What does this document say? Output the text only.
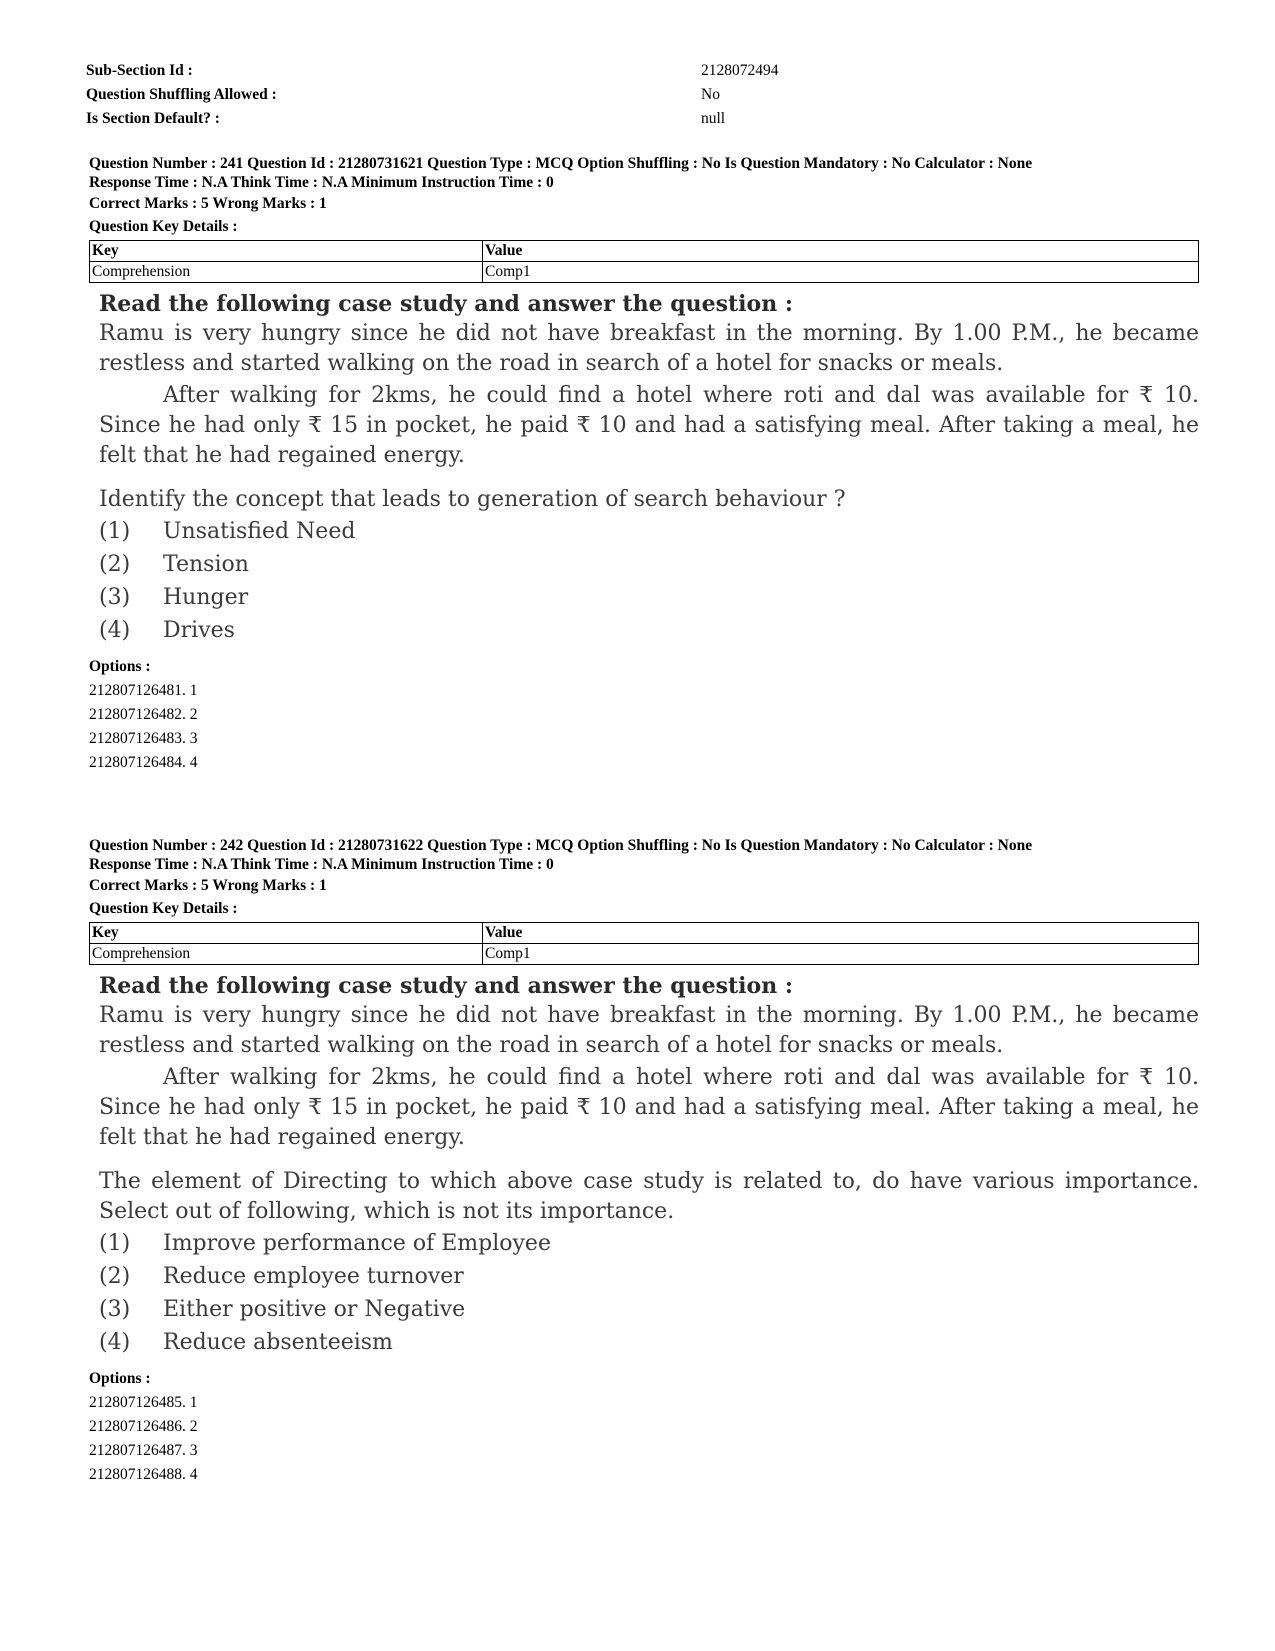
Sub-Section Id :	2128072494
Question Shuffling Allowed :	No
Is Section Default? :	null
Question Number : 241 Question Id : 21280731621 Question Type : MCQ Option Shuffling : No Is Question Mandatory : No Calculator : None
Response Time : N.A Think Time : N.A Minimum Instruction Time : 0
Correct Marks : 5 Wrong Marks : 1
Question Key Details :
Key	Value
Comprehension	Comp1
Read the following case study and answer the question :

Ramu is very hungry since he did not have breakfast in the morning. By 1.00 P.M., he became restless and started walking on the road in search of a hotel for snacks or meals.

After walking for 2kms, he could find a hotel where roti and dal was available for ₹ 10. Since he had only ₹ 15 in pocket, he paid ₹ 10 and had a satisfying meal. After taking a meal, he felt that he had regained energy.

Identify the concept that leads to generation of search behaviour ?

(1)	Unsatisfied Need
(2)	Tension
(3)	Hunger
(4)	Drives
Options :
212807126481. 1
212807126482. 2
212807126483. 3
212807126484. 4
Question Number : 242 Question Id : 21280731622 Question Type : MCQ Option Shuffling : No Is Question Mandatory : No Calculator : None
Response Time : N.A Think Time : N.A Minimum Instruction Time : 0
Correct Marks : 5 Wrong Marks : 1
Question Key Details :
Key	Value
Comprehension	Comp1
Read the following case study and answer the question :

Ramu is very hungry since he did not have breakfast in the morning. By 1.00 P.M., he became restless and started walking on the road in search of a hotel for snacks or meals.

After walking for 2kms, he could find a hotel where roti and dal was available for ₹ 10. Since he had only ₹ 15 in pocket, he paid ₹ 10 and had a satisfying meal. After taking a meal, he felt that he had regained energy.

The element of Directing to which above case study is related to, do have various importance. Select out of following, which is not its importance.

(1)	Improve performance of Employee
(2)	Reduce employee turnover
(3)	Either positive or Negative
(4)	Reduce absenteeism
Options :
212807126485. 1
212807126486. 2
212807126487. 3
212807126488. 4
